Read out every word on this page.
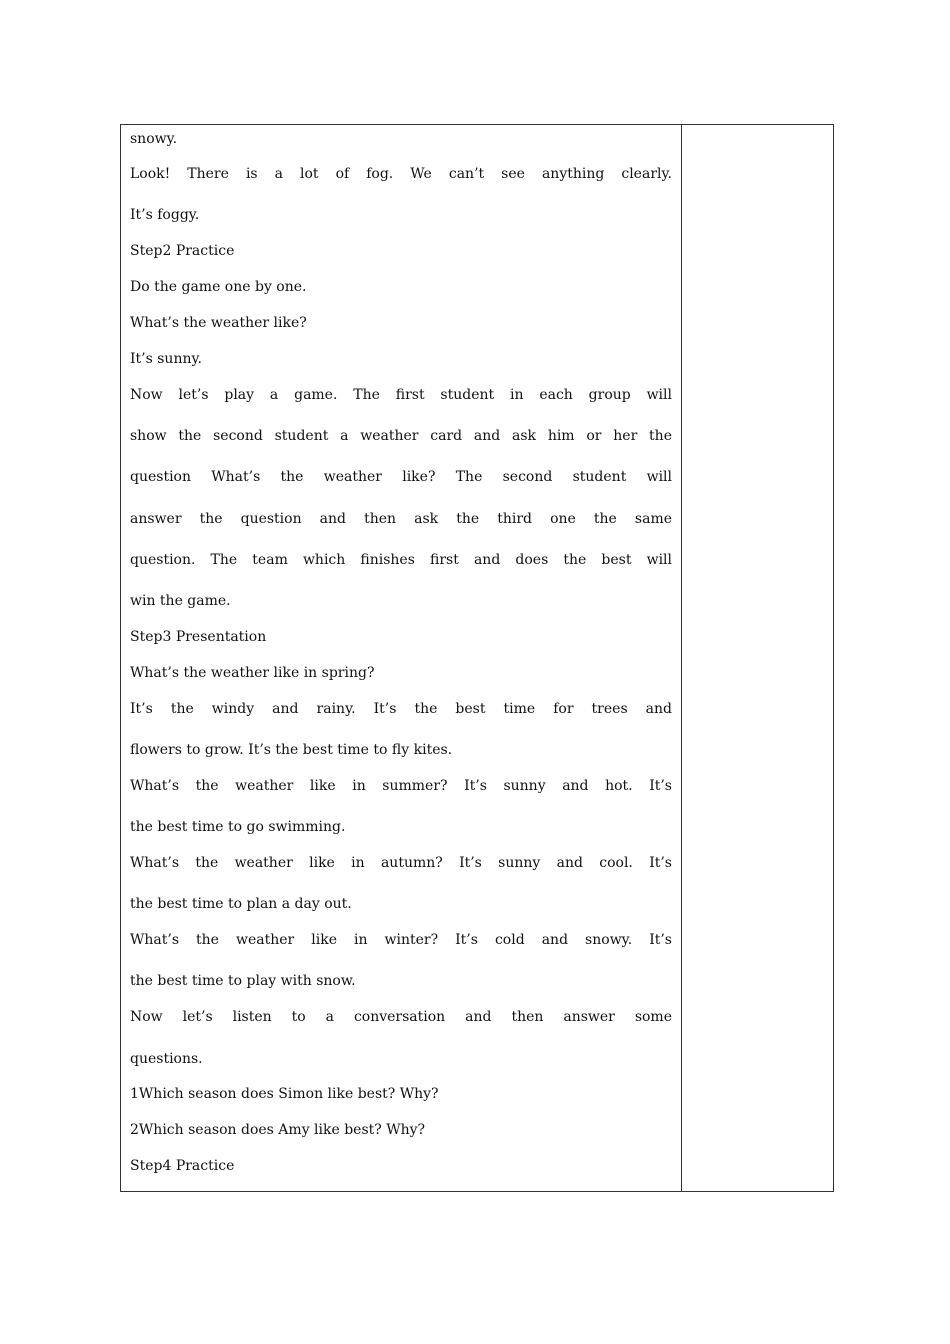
snowy.

Look! There is a lot of fog. We can’t see anything clearly.

It’s foggy.

Step2 Practice

Do the game one by one.

What’s the weather like?

It’s sunny.

Now let’s play a game. The first student in each group will

show the second student a weather card and ask him or her the

question What’s the weather like? The second student will

answer the question and then ask the third one the same

question. The team which finishes first and does the best will

win the game.

Step3 Presentation

What’s the weather like in spring?

It’s the windy and rainy. It’s the best time for trees and

flowers to grow. It’s the best time to fly kites.

What’s the weather like in summer? It’s sunny and hot. It’s

the best time to go swimming.

What’s the weather like in autumn? It’s sunny and cool. It’s

the best time to plan a day out.

What’s the weather like in winter? It’s cold and snowy. It’s

the best time to play with snow.

Now let’s listen to a conversation and then answer some

questions.

1Which season does Simon like best? Why?

2Which season does Amy like best? Why?

Step4 Practice
